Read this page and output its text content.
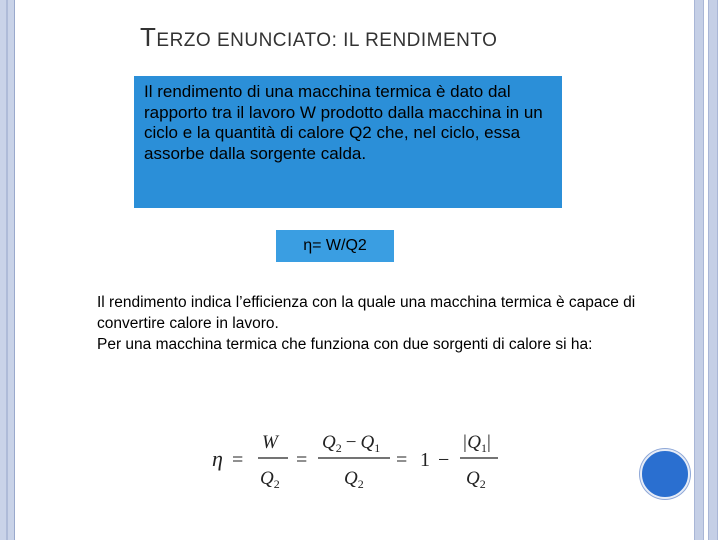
TERZO ENUNCIATO: IL RENDIMENTO

Il rendimento di una macchina termica è dato dal rapporto tra il lavoro W prodotto dalla macchina in un ciclo e la quantità di calore Q2 che, nel ciclo, essa assorbe dalla sorgente calda.

η= W/Q2

Il rendimento indica l’efficienza con la quale una macchina termica è capace di convertire calore in lavoro.

Per una macchina termica che funziona con due sorgenti di calore si ha:

η =
W
$Q_2$
=
$Q_2 - Q_1$
$Q_2$
= 1 −
$|Q_1|$
$Q_2$
